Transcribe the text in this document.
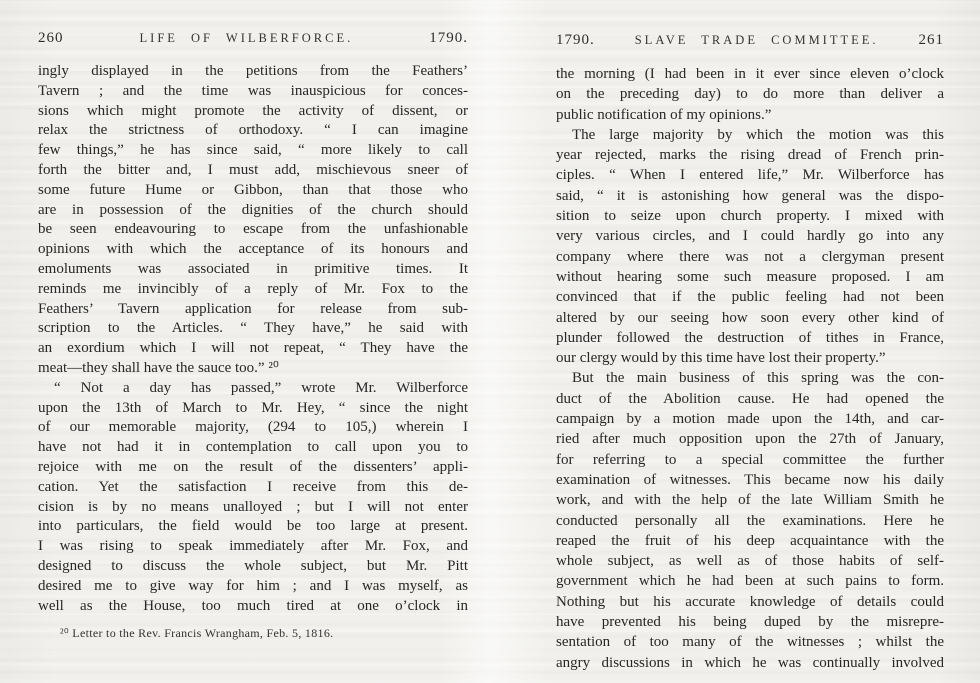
260	LIFE OF WILBERFORCE.	1790.
ingly displayed in the petitions from the Feathers’
Tavern ; and the time was inauspicious for conces-
sions which might promote the activity of dissent, or
relax the strictness of orthodoxy. “ I can imagine
few things,” he has since said, “ more likely to call
forth the bitter and, I must add, mischievous sneer of
some future Hume or Gibbon, than that those who
are in possession of the dignities of the church should
be seen endeavouring to escape from the unfashionable
opinions with which the acceptance of its honours and
emoluments was associated in primitive times. It
reminds me invincibly of a reply of Mr. Fox to the
Feathers’ Tavern application for release from sub-
scription to the Articles. “ They have,” he said with
an exordium which I will not repeat, “ They have the
meat—they shall have the sauce too.” ²⁰
“ Not a day has passed,” wrote Mr. Wilberforce
upon the 13th of March to Mr. Hey, “ since the night
of our memorable majority, (294 to 105,) wherein I
have not had it in contemplation to call upon you to
rejoice with me on the result of the dissenters’ appli-
cation. Yet the satisfaction I receive from this de-
cision is by no means unalloyed ; but I will not enter
into particulars, the field would be too large at present.
I was rising to speak immediately after Mr. Fox, and
designed to discuss the whole subject, but Mr. Pitt
desired me to give way for him ; and I was myself, as
well as the House, too much tired at one o’clock in
²⁰ Letter to the Rev. Francis Wrangham, Feb. 5, 1816.
1790.	SLAVE TRADE COMMITTEE.	261
the morning (I had been in it ever since eleven o’clock
on the preceding day) to do more than deliver a
public notification of my opinions.”
The large majority by which the motion was this
year rejected, marks the rising dread of French prin-
ciples. “ When I entered life,” Mr. Wilberforce has
said, “ it is astonishing how general was the dispo-
sition to seize upon church property. I mixed with
very various circles, and I could hardly go into any
company where there was not a clergyman present
without hearing some such measure proposed. I am
convinced that if the public feeling had not been
altered by our seeing how soon every other kind of
plunder followed the destruction of tithes in France,
our clergy would by this time have lost their property.”
But the main business of this spring was the con-
duct of the Abolition cause. He had opened the
campaign by a motion made upon the 14th, and car-
ried after much opposition upon the 27th of January,
for referring to a special committee the further
examination of witnesses. This became now his daily
work, and with the help of the late William Smith he
conducted personally all the examinations. Here he
reaped the fruit of his deep acquaintance with the
whole subject, as well as of those habits of self-
government which he had been at such pains to form.
Nothing but his accurate knowledge of details could
have prevented his being duped by the misrepre-
sentation of too many of the witnesses ; whilst the
angry discussions in which he was continually involved
